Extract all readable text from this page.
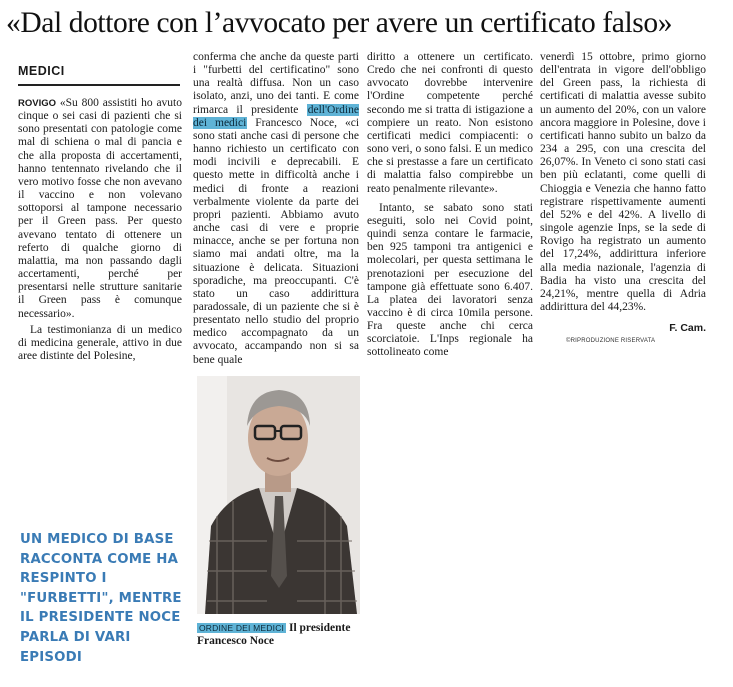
«Dal dottore con l’avvocato per avere un certificato falso»
MEDICI

ROVIGO «Su 800 assistiti ho avuto cinque o sei casi di pazienti che si sono presentati con patologie come mal di schiena o mal di pancia e che alla proposta di accertamenti, hanno tentennato rivelando che il vero motivo fosse che non avevano il vaccino e non volevano sottoporsi al tampone necessario per il Green pass. Per questo avevano tentato di ottenere un referto di qualche giorno di malattia, ma non passando dagli accertamenti, perché per presentarsi nelle strutture sanitarie il Green pass è comunque necessario».

La testimonianza di un medico di medicina generale, attivo in due aree distinte del Polesine,

conferma che anche da queste parti i "furbetti del certificatino" sono una realtà diffusa. Non un caso isolato, anzi, uno dei tanti. E come rimarca il presidente dell'Ordine dei medici Francesco Noce, «ci sono stati anche casi di persone che hanno richiesto un certificato con modi incivili e deprecabili. E questo mette in difficoltà anche i medici di fronte a reazioni verbalmente violente da parte dei propri pazienti. Abbiamo avuto anche casi di vere e proprie minacce, anche se per fortuna non siamo mai andati oltre, ma la situazione è delicata. Situazioni sporadiche, ma preoccupanti. C'è stato un caso addirittura paradossale, di un paziente che si è presentato nello studio del proprio medico accompagnato da un avvocato, accampando non si sa bene quale

diritto a ottenere un certificato. Credo che nei confronti di questo avvocato dovrebbe intervenire l'Ordine competente perché secondo me si tratta di istigazione a compiere un reato. Non esistono certificati medici compiacenti: o sono veri, o sono falsi. E un medico che si prestasse a fare un certificato di malattia falso compirebbe un reato penalmente rilevante».

Intanto, se sabato sono stati eseguiti, solo nei Covid point, quindi senza contare le farmacie, ben 925 tamponi tra antigenici e molecolari, per questa settimana le prenotazioni per esecuzione del tampone già effettuate sono 6.407. La platea dei lavoratori senza vaccino è di circa 10mila persone. Fra queste anche chi cerca scorciatoie. L'Inps regionale ha sottolineato come

venerdì 15 ottobre, primo giorno dell'entrata in vigore dell'obbligo del Green pass, la richiesta di certificati di malattia avesse subito un aumento del 20%, con un valore ancora maggiore in Polesine, dove i certificati hanno subito un balzo da 234 a 295, con una crescita del 26,07%. In Veneto ci sono stati casi ben più eclatanti, come quelli di Chioggia e Venezia che hanno fatto registrare rispettivamente aumenti del 52% e del 42%. A livello di singole agenzie Inps, se la sede di Rovigo ha registrato un aumento del 17,24%, addirittura inferiore alla media nazionale, l'agenzia di Badia ha visto una crescita del 24,21%, mentre quella di Adria addirittura del 44,23%.

F. Cam.
©RIPRODUZIONE RISERVATA
ORDINE DEI MEDICI Il presidente Francesco Noce
UN MEDICO DI BASE RACCONTA COME HA RESPINTO I "FURBETTI", MENTRE IL PRESIDENTE NOCE PARLA DI VARI EPISODI
